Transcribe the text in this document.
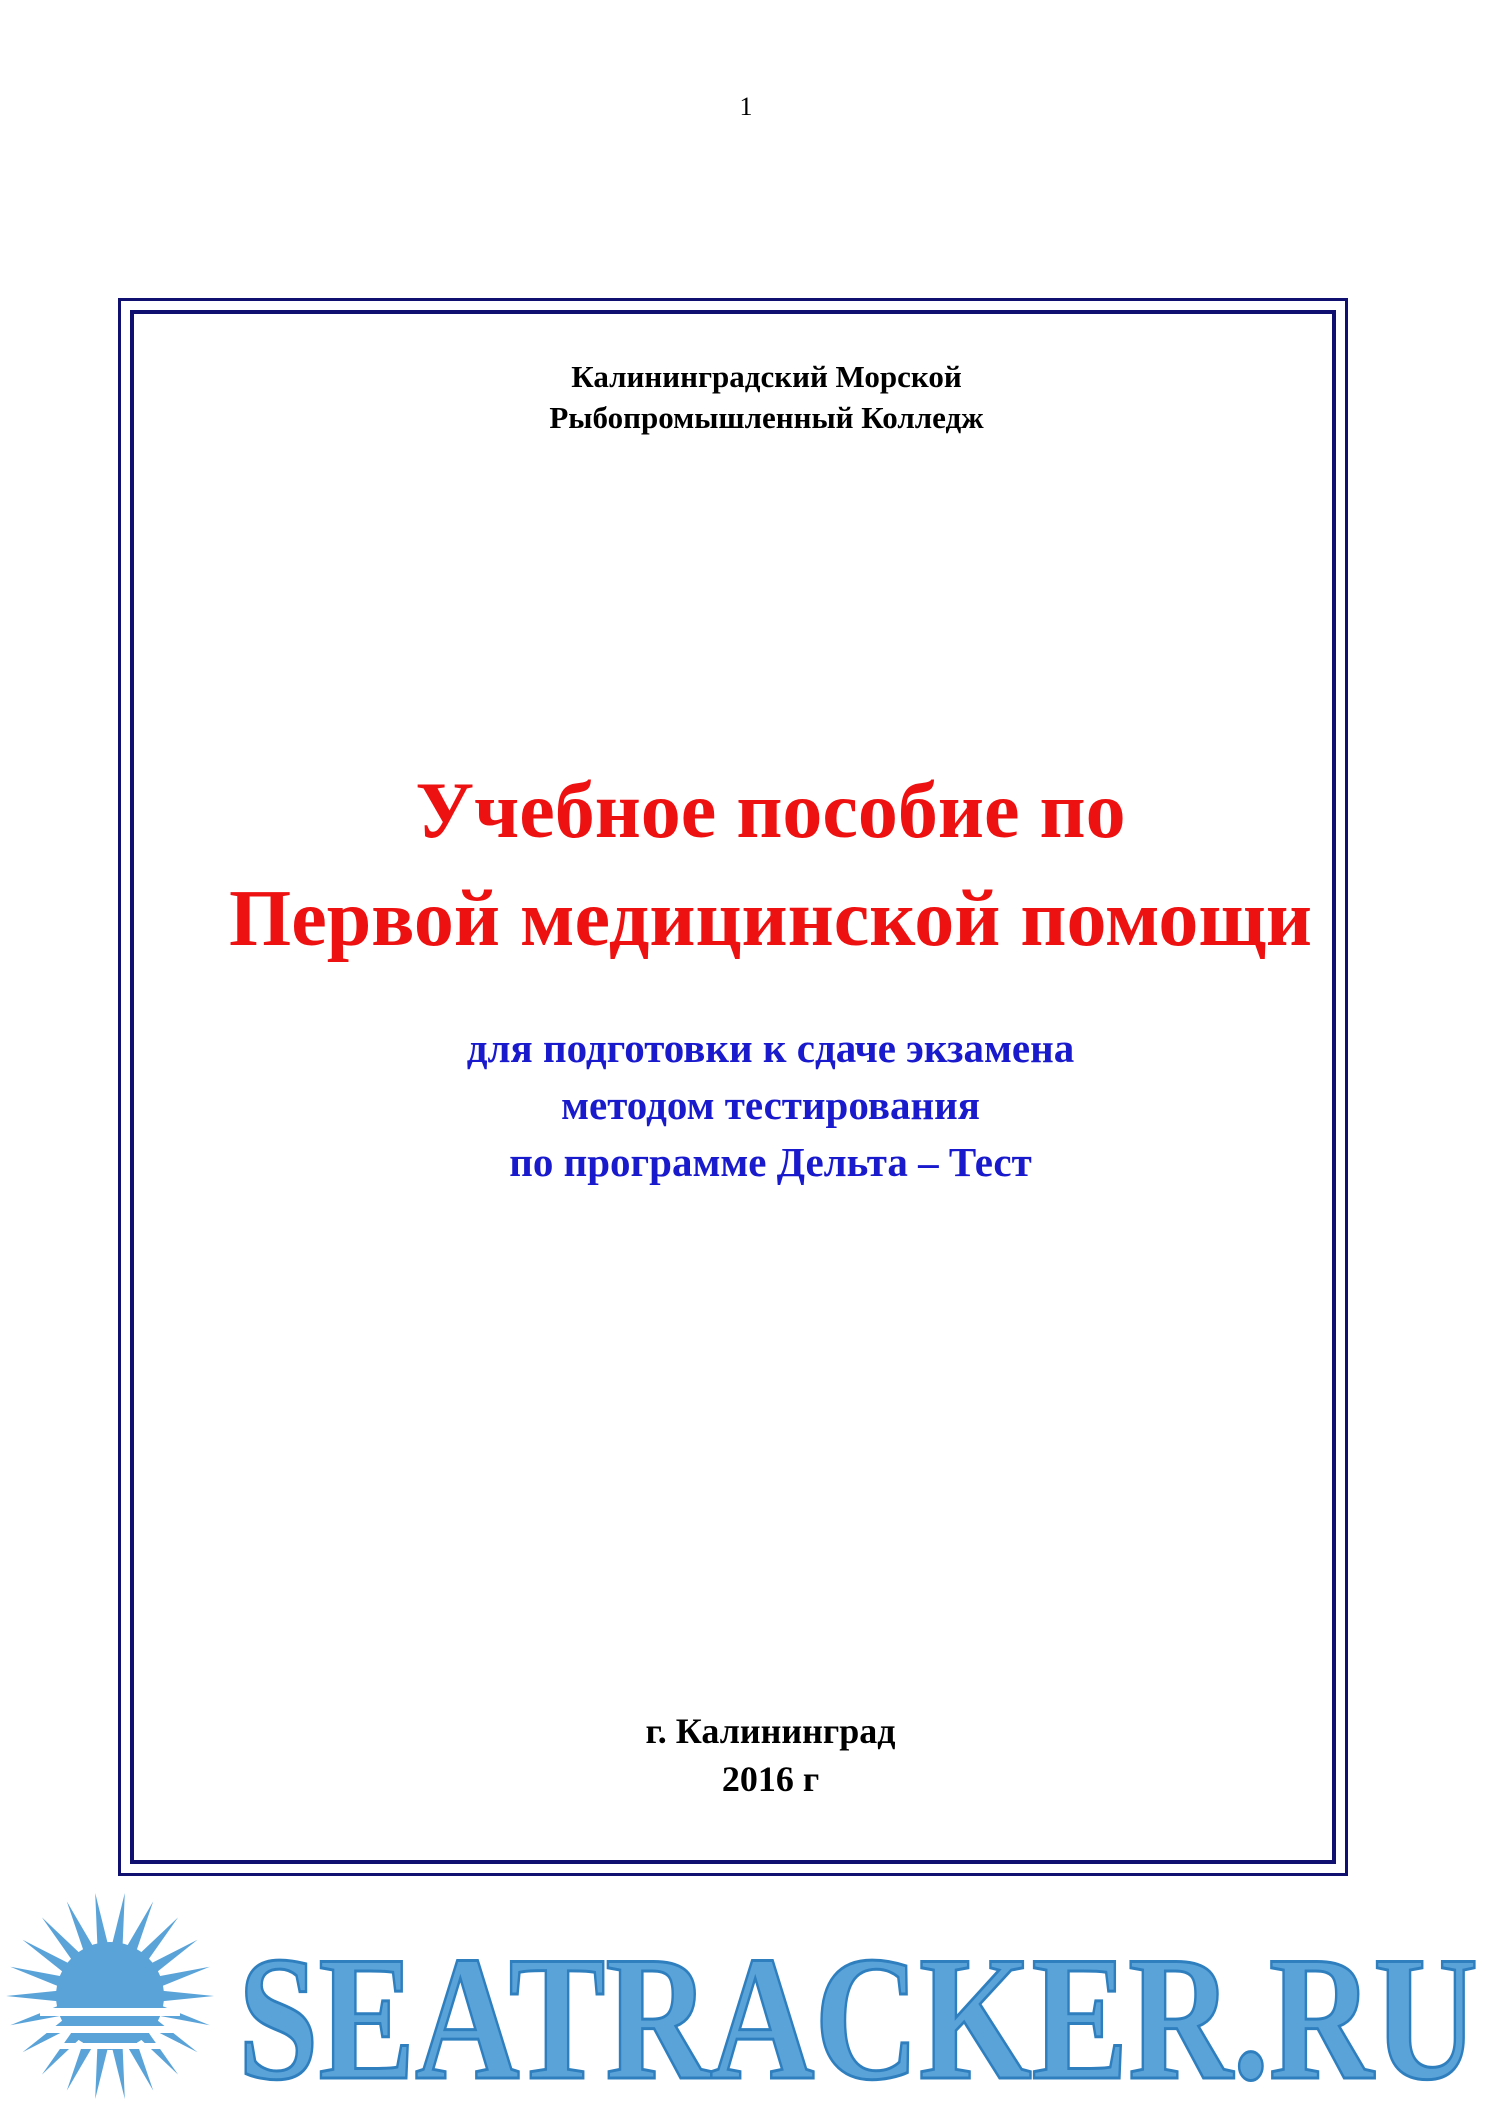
1
Калининградский Морской
Рыбопромышленный Колледж
Учебное пособие по
Первой медицинской помощи
для подготовки к сдаче экзамена
методом тестирования
по программе Дельта – Тест
г. Калининград
2016 г
SEATRACKER.RU
